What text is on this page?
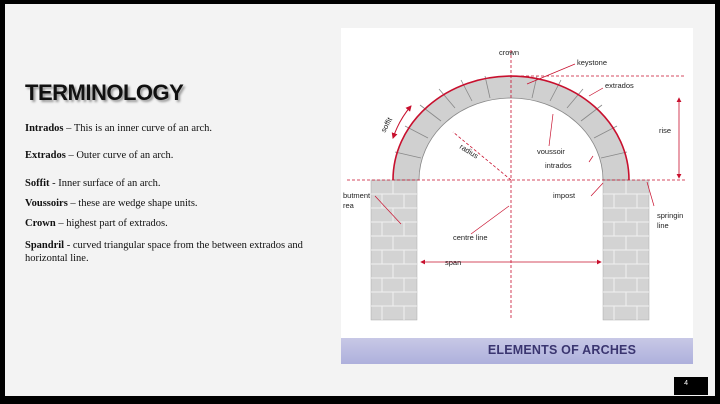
TERMINOLOGY
Intrados – This is an inner curve of an arch.
Extrados – Outer curve of an arch.
Soffit - Inner surface of an arch.
Voussoirs – these are wedge shape units.
Crown – highest part of extrados.
Spandril - curved triangular space from the between extrados and horizontal line.
crown
keystone
extrados
rise
voussoir
intrados
radius
soffit
impost
butment
rea
springin
line
centre line
span
ELEMENTS OF ARCHES
4
